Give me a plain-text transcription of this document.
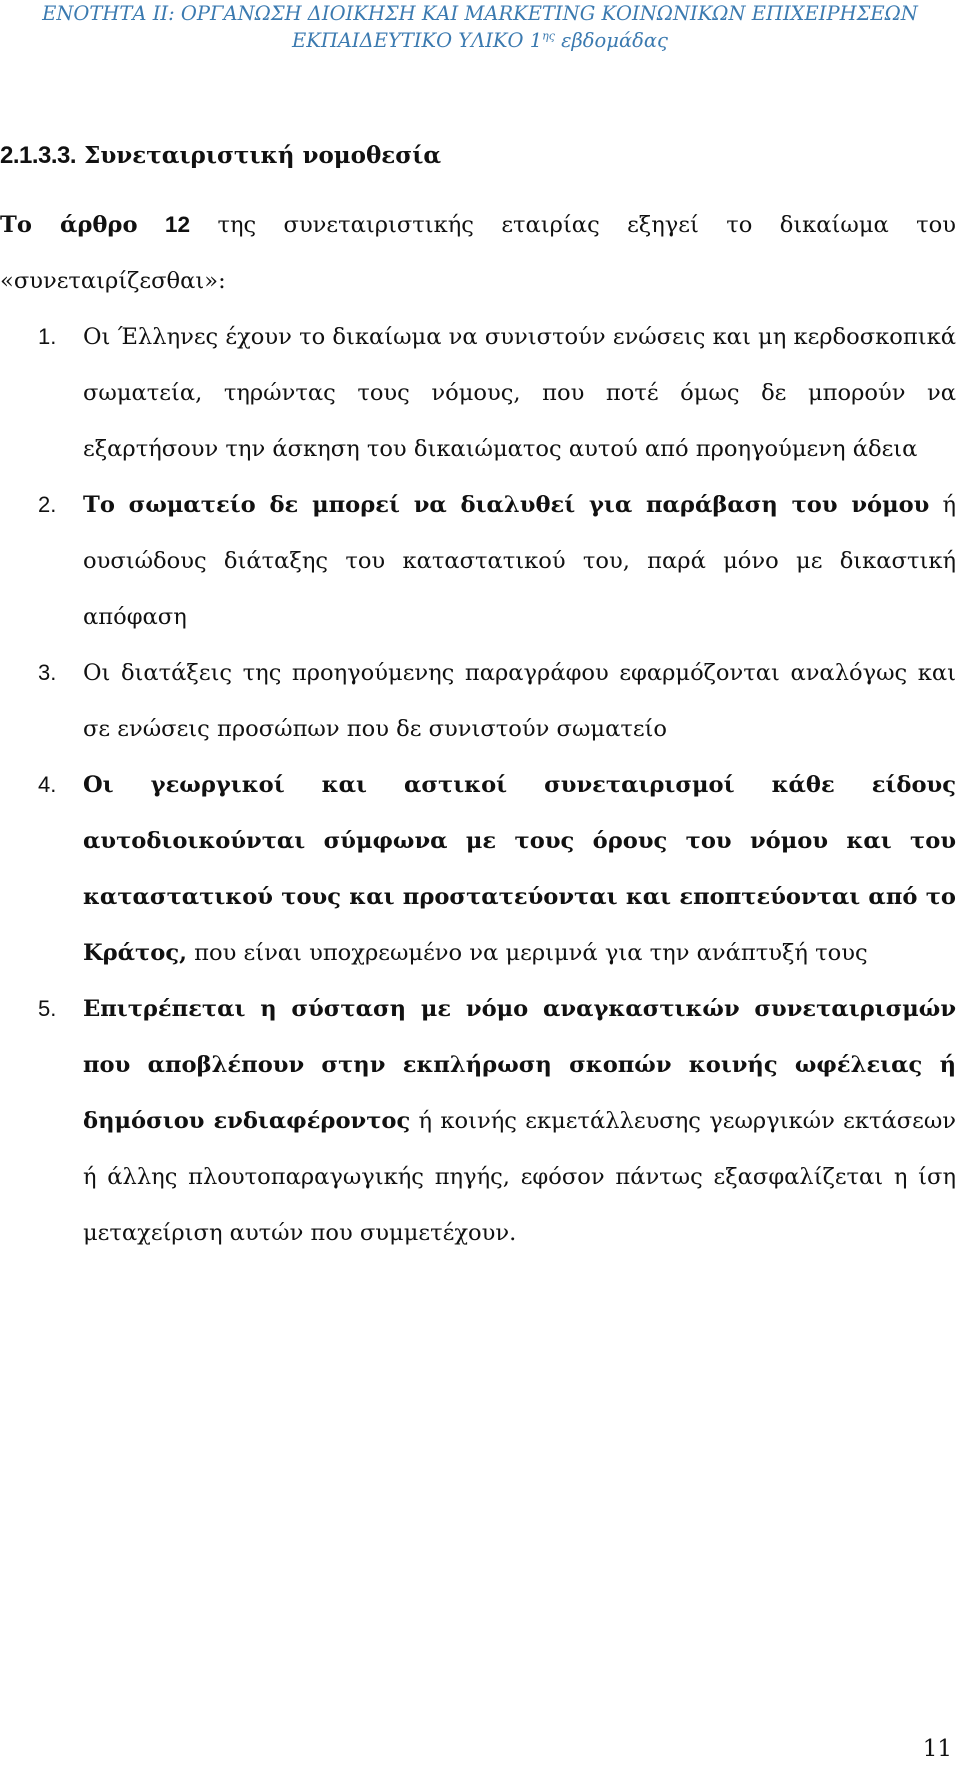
ΕΝΟΤΗΤΑ ΙΙ: ΟΡΓΑΝΩΣΗ ΔΙΟΙΚΗΣΗ ΚΑΙ MARKETING ΚΟΙΝΩΝΙΚΩΝ ΕΠΙΧΕΙΡΗΣΕΩΝ
ΕΚΠΑΙΔΕΥΤΙΚΟ ΥΛΙΚΟ $1^{\eta\varsigma}$ εβδομάδας
2.1.3.3. Συνεταιριστική νομοθεσία
Το άρθρο 12 της συνεταιριστικής εταιρίας εξηγεί το δικαίωμα του «συνεταιρίζεσθαι»:
1. Οι Έλληνες έχουν το δικαίωμα να συνιστούν ενώσεις και μη κερδοσκοπικά σωματεία, τηρώντας τους νόμους, που ποτέ όμως δε μπορούν να εξαρτήσουν την άσκηση του δικαιώματος αυτού από προηγούμενη άδεια
2. Το σωματείο δε μπορεί να διαλυθεί για παράβαση του νόμου ή ουσιώδους διάταξης του καταστατικού του, παρά μόνο με δικαστική απόφαση
3. Οι διατάξεις της προηγούμενης παραγράφου εφαρμόζονται αναλόγως και σε ενώσεις προσώπων που δε συνιστούν σωματείο
4. Οι γεωργικοί και αστικοί συνεταιρισμοί κάθε είδους αυτοδιοικούνται σύμφωνα με τους όρους του νόμου και του καταστατικού τους και προστατεύονται και εποπτεύονται από το Κράτος, που είναι υποχρεωμένο να μεριμνά για την ανάπτυξή τους
5. Επιτρέπεται η σύσταση με νόμο αναγκαστικών συνεταιρισμών που αποβλέπουν στην εκπλήρωση σκοπών κοινής ωφέλειας ή δημόσιου ενδιαφέροντος ή κοινής εκμετάλλευσης γεωργικών εκτάσεων ή άλλης πλουτοπαραγωγικής πηγής, εφόσον πάντως εξασφαλίζεται η ίση μεταχείριση αυτών που συμμετέχουν.
11
